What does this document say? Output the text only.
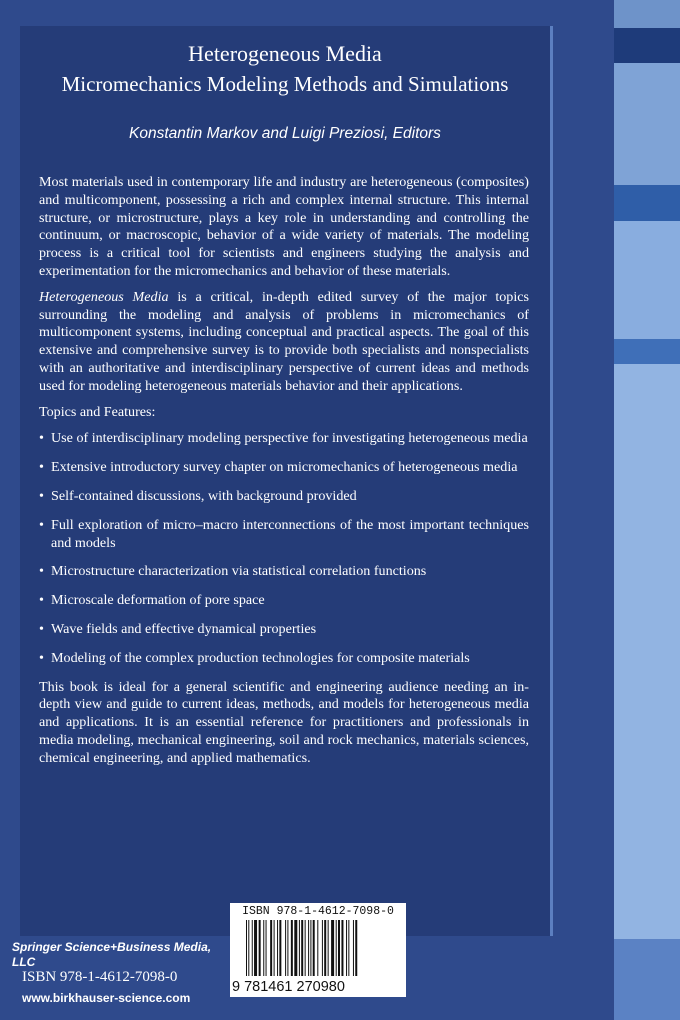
Heterogeneous Media
Micromechanics Modeling Methods and Simulations
Konstantin Markov and Luigi Preziosi, Editors

Most materials used in contemporary life and industry are heterogeneous (composites) and multicomponent, possessing a rich and complex internal structure. This internal structure, or microstructure, plays a key role in understanding and controlling the continuum, or macroscopic, behavior of a wide variety of materials. The modeling process is a critical tool for scientists and engineers studying the analysis and experimentation for the micromechanics and behavior of these materials.

Heterogeneous Media is a critical, in-depth edited survey of the major topics surrounding the modeling and analysis of problems in micromechanics of multicomponent systems, including conceptual and practical aspects. The goal of this extensive and comprehensive survey is to provide both specialists and nonspecialists with an authoritative and interdisciplinary perspective of current ideas and methods used for modeling heterogeneous materials behavior and their applications.

Topics and Features:

• Use of interdisciplinary modeling perspective for investigating heterogeneous media
• Extensive introductory survey chapter on micromechanics of heterogeneous media
• Self-contained discussions, with background provided
• Full exploration of micro–macro interconnections of the most important techniques and models
• Microstructure characterization via statistical correlation functions
• Microscale deformation of pore space
• Wave fields and effective dynamical properties
• Modeling of the complex production technologies for composite materials

This book is ideal for a general scientific and engineering audience needing an in-depth view and guide to current ideas, methods, and models for heterogeneous media and applications. It is an essential reference for practitioners and professionals in media modeling, mechanical engineering, soil and rock mechanics, materials sciences, chemical engineering, and applied mathematics.

Springer Science+Business Media, LLC
ISBN 978-1-4612-7098-0
www.birkhauser-science.com
ISBN 978-1-4612-7098-0
9 781461 270980
